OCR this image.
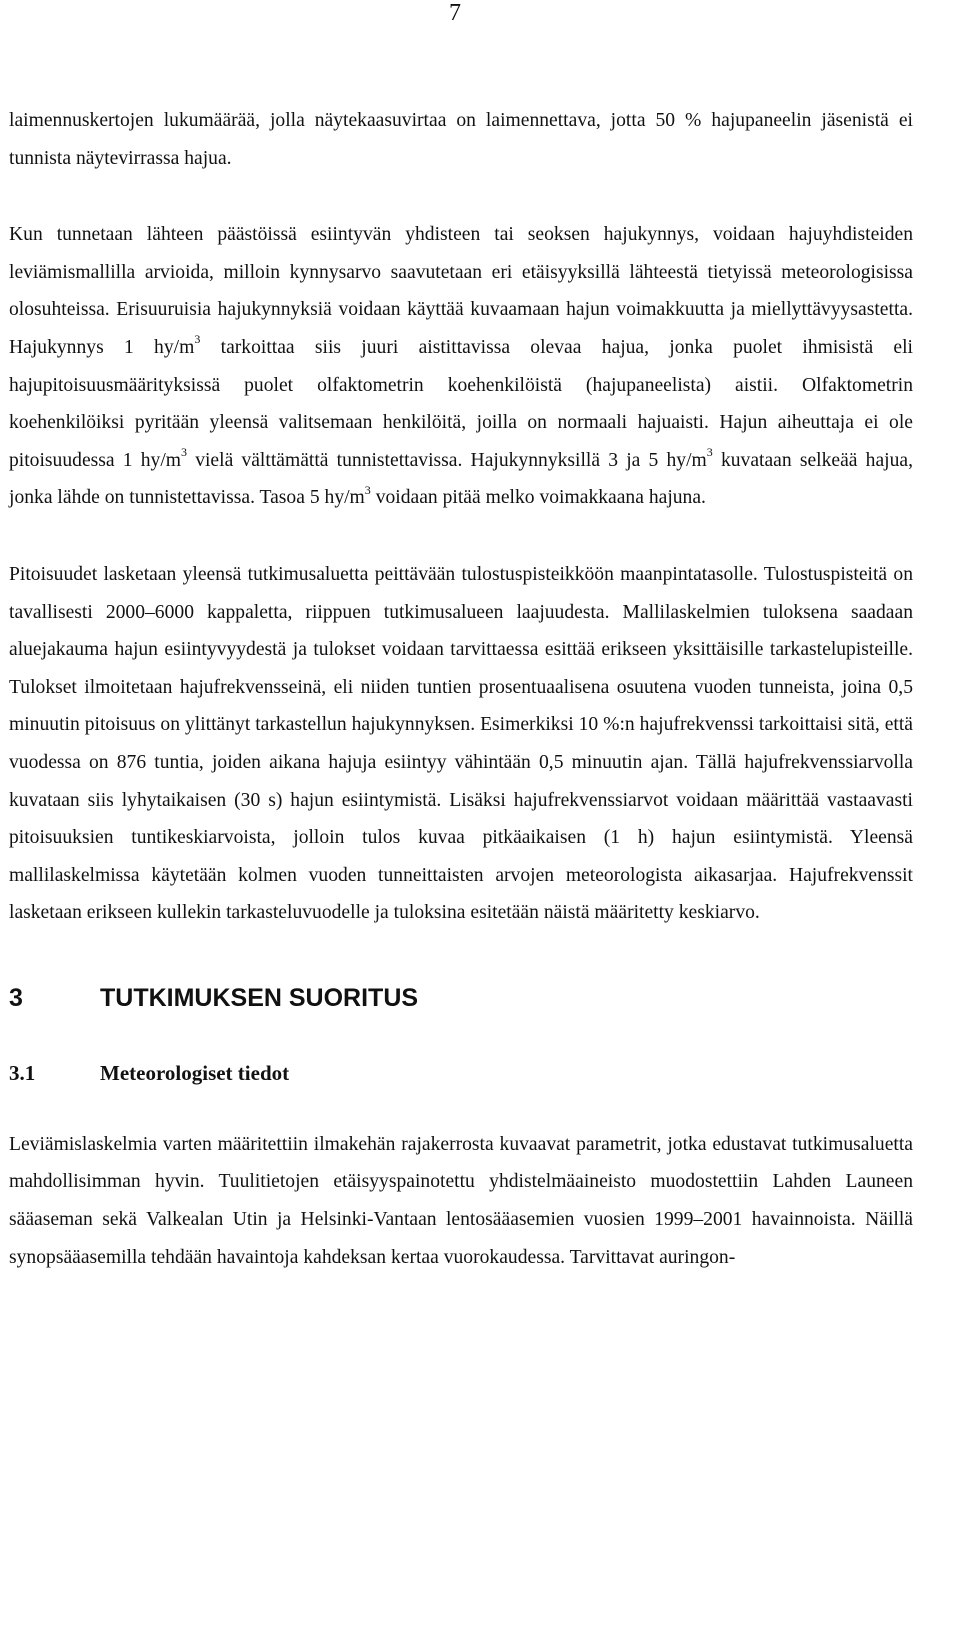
7

laimennuskertojen lukumäärää, jolla näytekaasuvirtaa on laimennettava, jotta 50 % hajupaneelin jäsenistä ei tunnista näytevirrassa hajua.

Kun tunnetaan lähteen päästöissä esiintyvän yhdisteen tai seoksen hajukynnys, voidaan hajuyhdisteiden leviämismallilla arvioida, milloin kynnysarvo saavutetaan eri etäisyyksillä lähteestä tietyissä meteorologisissa olosuhteissa. Erisuuruisia hajukynnyksiä voidaan käyttää kuvaamaan hajun voimakkuutta ja miellyttävyysastetta. Hajukynnys 1 $hy/m^3$ tarkoittaa siis juuri aistittavissa olevaa hajua, jonka puolet ihmisistä eli hajupitoisuusmäärityksissä puolet olfaktometrin koehenkilöistä (hajupaneelista) aistii. Olfaktometrin koehenkilöiksi pyritään yleensä valitsemaan henkilöitä, joilla on normaali hajuaisti. Hajun aiheuttaja ei ole pitoisuudessa 1 $hy/m^3$ vielä välttämättä tunnistettavissa. Hajukynnyksillä 3 ja 5 $hy/m^3$ kuvataan selkeää hajua, jonka lähde on tunnistettavissa. Tasoa 5 $hy/m^3$ voidaan pitää melko voimakkaana hajuna.

Pitoisuudet lasketaan yleensä tutkimusaluetta peittävään tulostuspisteikköön maanpintatasolle. Tulostuspisteitä on tavallisesti 2000–6000 kappaletta, riippuen tutkimusalueen laajuudesta. Mallilaskelmien tuloksena saadaan aluejakauma hajun esiintyvyydestä ja tulokset voidaan tarvittaessa esittää erikseen yksittäisille tarkastelupisteille. Tulokset ilmoitetaan hajufrekvensseinä, eli niiden tuntien prosentuaalisena osuutena vuoden tunneista, joina 0,5 minuutin pitoisuus on ylittänyt tarkastellun hajukynnyksen. Esimerkiksi 10 %:n hajufrekvenssi tarkoittaisi sitä, että vuodessa on 876 tuntia, joiden aikana hajuja esiintyy vähintään 0,5 minuutin ajan. Tällä hajufrekvenssiarvolla kuvataan siis lyhytaikaisen (30 s) hajun esiintymistä. Lisäksi hajufrekvenssiarvot voidaan määrittää vastaavasti pitoisuuksien tuntikeskiarvoista, jolloin tulos kuvaa pitkäaikaisen (1 h) hajun esiintymistä. Yleensä mallilaskelmissa käytetään kolmen vuoden tunneittaisten arvojen meteorologista aikasarjaa. Hajufrekvenssit lasketaan erikseen kullekin tarkasteluvuodelle ja tuloksina esitetään näistä määritetty keskiarvo.

3	TUTKIMUKSEN SUORITUS
3.1	Meteorologiset tiedot

Leviämislaskelmia varten määritettiin ilmakehän rajakerrosta kuvaavat parametrit, jotka edustavat tutkimusaluetta mahdollisimman hyvin. Tuulitietojen etäisyyspainotettu yhdistelmäaineisto muodostettiin Lahden Launeen sääaseman sekä Valkealan Utin ja Helsinki-Vantaan lentosääasemien vuosien 1999–2001 havainnoista. Näillä synopsääasemilla tehdään havaintoja kahdeksan kertaa vuorokaudessa. Tarvittavat auringon-
